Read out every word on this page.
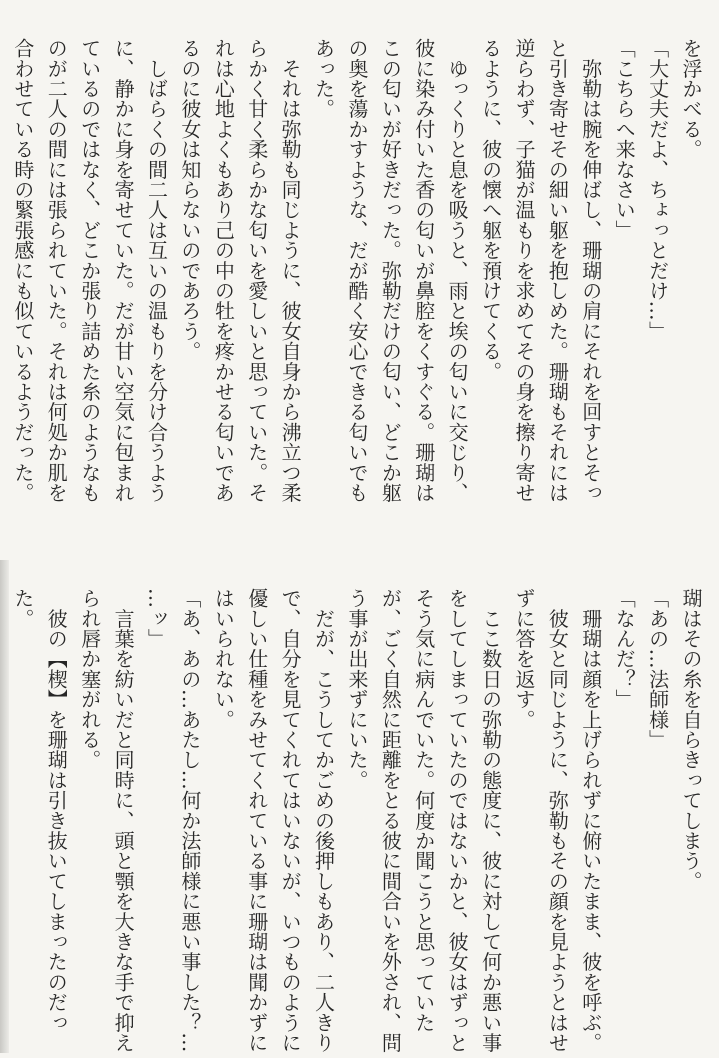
を浮かべる。
「大丈夫だよ、ちょっとだけ…」
「こちらへ来なさい」
　弥勒は腕を伸ばし、珊瑚の肩にそれを回すとそっ
と引き寄せその細い躯を抱しめた。珊瑚もそれには
逆らわず、子猫が温もりを求めてその身を擦り寄せ
るように、彼の懐へ躯を預けてくる。
　ゆっくりと息を吸うと、雨と埃の匂いに交じり、
彼に染み付いた香の匂いが鼻腔をくすぐる。珊瑚は
この匂いが好きだった。弥勒だけの匂い、どこか躯
の奥を蕩かすような、だが酷く安心できる匂いでも
あった。
　それは弥勒も同じように、彼女自身から沸立つ柔
らかく甘く柔らかな匂いを愛しいと思っていた。そ
れは心地よくもあり己の中の牡を疼かせる匂いであ
るのに彼女は知らないのであろう。
　しばらくの間二人は互いの温もりを分け合うよう
に、静かに身を寄せていた。だが甘い空気に包まれ
ているのではなく、どこか張り詰めた糸のようなも
のが二人の間には張られていた。それは何処か肌を
合わせている時の緊張感にも似ているようだった。
瑚はその糸を自らきってしまう。
「あの…法師様」
「なんだ？」
　珊瑚は顔を上げられずに俯いたまま、彼を呼ぶ。
　彼女と同じように、弥勒もその顔を見ようとはせ
ずに答を返す。
　ここ数日の弥勒の態度に、彼に対して何か悪い事
をしてしまっていたのではないかと、彼女はずっと
そう気に病んでいた。何度か聞こうと思っていた
が、ごく自然に距離をとる彼に間合いを外され、問
う事が出来ずにいた。
　だが、こうしてかごめの後押しもあり、二人きり
で、自分を見てくれてはいないが、いつものように
優しい仕種をみせてくれている事に珊瑚は聞かずに
はいられない。
「あ、あの…あたし…何か法師様に悪い事した？…
…ッ」
　言葉を紡いだと同時に、頭と顎を大きな手で抑え
られ唇か塞がれる。
　彼の【楔】を珊瑚は引き抜いてしまったのだっ
た。
